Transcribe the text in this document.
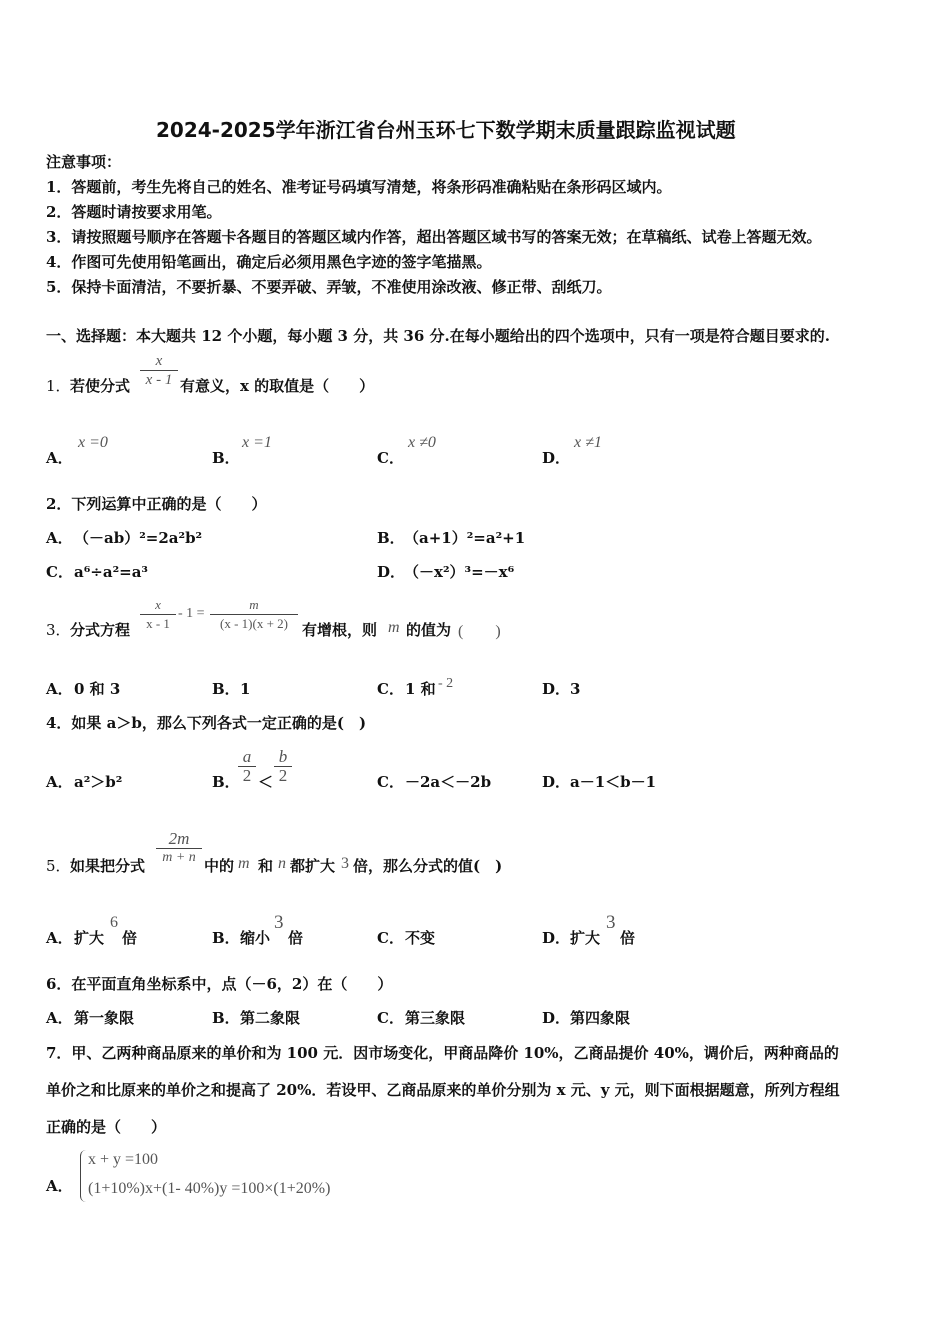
2024-2025学年浙江省台州玉环七下数学期末质量跟踪监视试题
注意事项：
1．答题前，考生先将自己的姓名、准考证号码填写清楚，将条形码准确粘贴在条形码区域内。
2．答题时请按要求用笔。
3．请按照题号顺序在答题卡各题目的答题区域内作答，超出答题区域书写的答案无效；在草稿纸、试卷上答题无效。
4．作图可先使用铅笔画出，确定后必须用黑色字迹的签字笔描黑。
5．保持卡面清洁，不要折暴、不要弄破、弄皱，不准使用涂改液、修正带、刮纸刀。
一、选择题：本大题共 12 个小题，每小题 3 分，共 36 分.在每小题给出的四个选项中，只有一项是符合题目要求的.
1． 若使分式
x
x - 1 有意义，x 的取值是（　　）
A．
x =0
B．
x =1
C．
x ≠0
D．
x ≠1
2．下列运算中正确的是（　　）
A． （－ab）²=2a²b²	B． （a+1）²=a²+1
C． a⁶÷a²=a³	D．
（－x²）³=－x⁶
3． 分式方程
x
x - 1
- 1 =
m
(x - 1)(x + 2) 有增根，则 m 的值为 (　　)
A． 0 和 3	B． 1	C． 1 和 - 2	D． 3
4．如果 a＞b，那么下列各式一定正确的是(　)
A． a²＞b²	B．
a
2 ＜
b
2	C． －2a＜－2b	D． a－1＜b－1
5． 如果把分式
2m
m + n 中的 m 和 n 都扩大 3 倍，那么分式的值(　)
A． 扩大
6
倍	B． 缩小
3
倍	C． 不变	D． 扩大
3
倍
6．在平面直角坐标系中，点（－6，2）在（　　）
A． 第一象限	B． 第二象限	C． 第三象限	D． 第四象限
7．甲、乙两种商品原来的单价和为 100 元．因市场变化，甲商品降价 10%，乙商品提价 40%，调价后，两种商品的
单价之和比原来的单价之和提高了 20%．若设甲、乙商品原来的单价分别为 x 元、y 元，则下面根据题意，所列方程组
正确的是（　　）
A．
x + y =100
(1+10%)x+(1- 40%)y =100×(1+20%)
